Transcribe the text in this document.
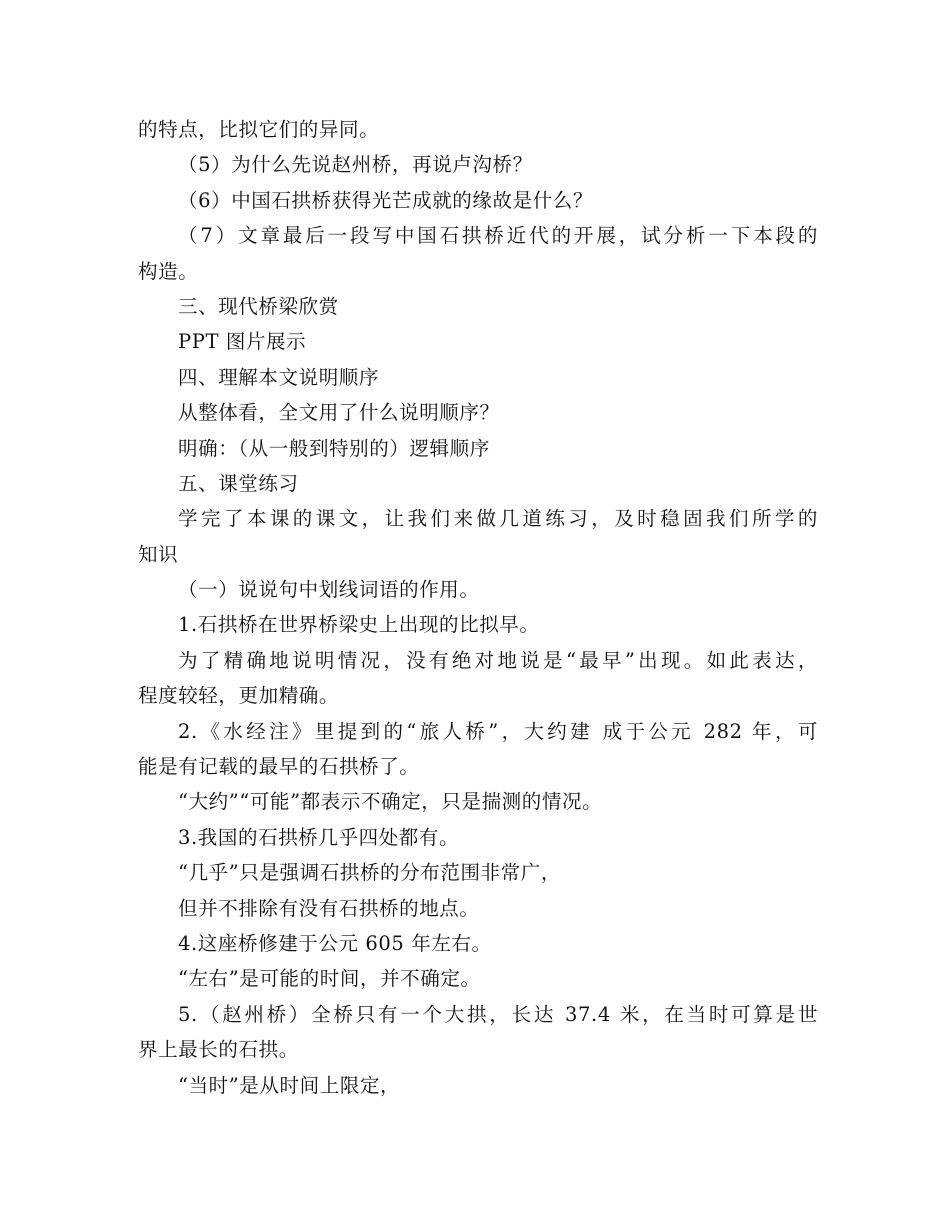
的特点，比拟它们的异同。
（5）为什么先说赵州桥，再说卢沟桥？
（6）中国石拱桥获得光芒成就的缘故是什么？
（7）文章最后一段写中国石拱桥近代的开展，试分析一下本段的
构造。
三、现代桥梁欣赏
PPT 图片展示
四、理解本文说明顺序
从整体看，全文用了什么说明顺序？
明确：（从一般到特别的）逻辑顺序
五、课堂练习
学完了本课的课文，让我们来做几道练习，及时稳固我们所学的
知识
（一）说说句中划线词语的作用。
1.石拱桥在世界桥梁史上出现的比拟早。
为了精确地说明情况，没有绝对地说是“最早”出现。如此表达，
程度较轻，更加精确。
2.《水经注》里提到的“旅人桥”，大约建 成于公元 282 年，可
能是有记载的最早的石拱桥了。
“大约”“可能”都表示不确定，只是揣测的情况。
3.我国的石拱桥几乎四处都有。
“几乎”只是强调石拱桥的分布范围非常广，
但并不排除有没有石拱桥的地点。
4.这座桥修建于公元 605 年左右。
“左右”是可能的时间，并不确定。
5.（赵州桥）全桥只有一个大拱，长达 37.4 米，在当时可算是世
界上最长的石拱。
“当时”是从时间上限定，
